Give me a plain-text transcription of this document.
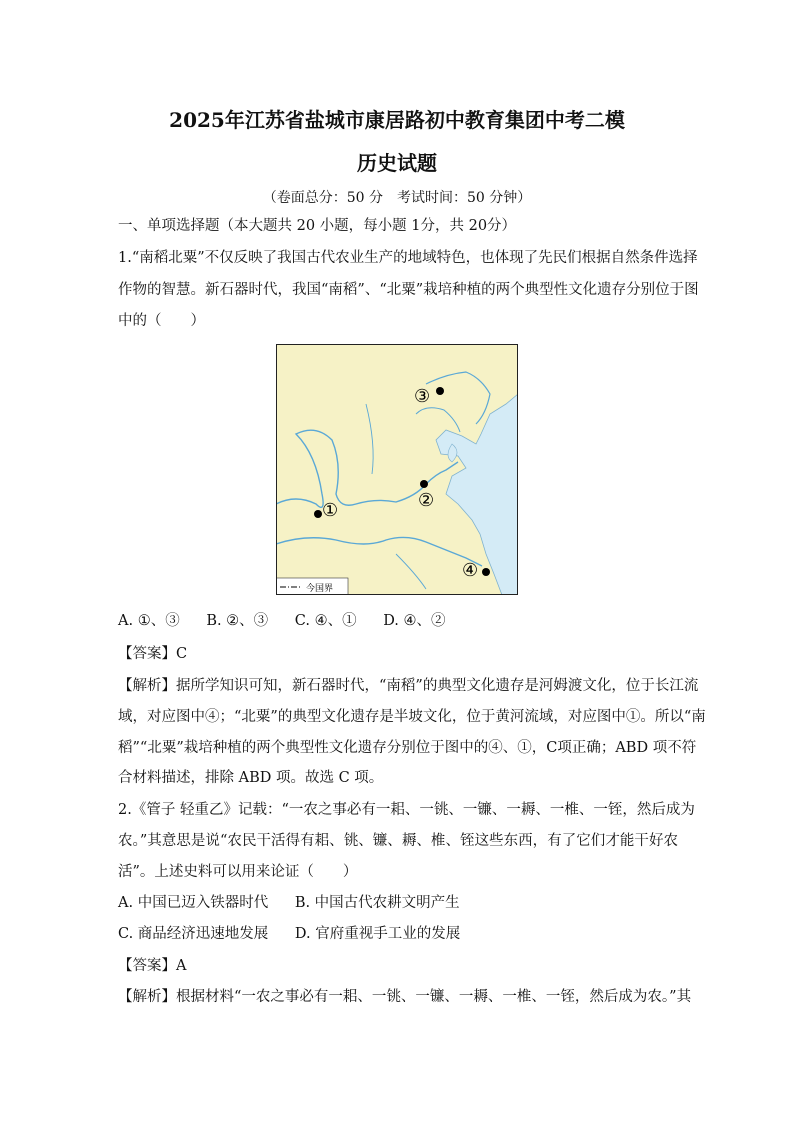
2025年江苏省盐城市康居路初中教育集团中考二模
历史试题
（卷面总分：50 分　考试时间：50 分钟）
一、单项选择题（本大题共 20 小题，每小题 1分，共 20分）
1.“南稻北粟”不仅反映了我国古代农业生产的地域特色，也体现了先民们根据自然条件选择
作物的智慧。新石器时代，我国“南稻”、“北粟”栽培种植的两个典型性文化遗存分别位于图
中的（　　）
①	②
③
④
今国界
A. ①、③ B. ②、③ C. ④、① D. ④、②
【答案】C
【解析】据所学知识可知，新石器时代，“南稻”的典型文化遗存是河姆渡文化，位于长江流
域，对应图中④；“北粟”的典型文化遗存是半坡文化，位于黄河流域，对应图中①。所以“南
稻”“北粟”栽培种植的两个典型性文化遗存分别位于图中的④、①，C项正确；ABD 项不符
合材料描述，排除 ABD 项。故选 C 项。
2.《管子 轻重乙》记载：“一农之事必有一耜、一铫、一镰、一耨、一椎、一铚，然后成为
农。”其意思是说“农民干活得有耜、铫、镰、耨、椎、铚这些东西，有了它们才能干好农
活”。上述史料可以用来论证（　　）
A. 中国已迈入铁器时代 B. 中国古代农耕文明产生
C. 商品经济迅速地发展 D. 官府重视手工业的发展
【答案】A
【解析】根据材料“一农之事必有一耜、一铫、一镰、一耨、一椎、一铚，然后成为农。”其
